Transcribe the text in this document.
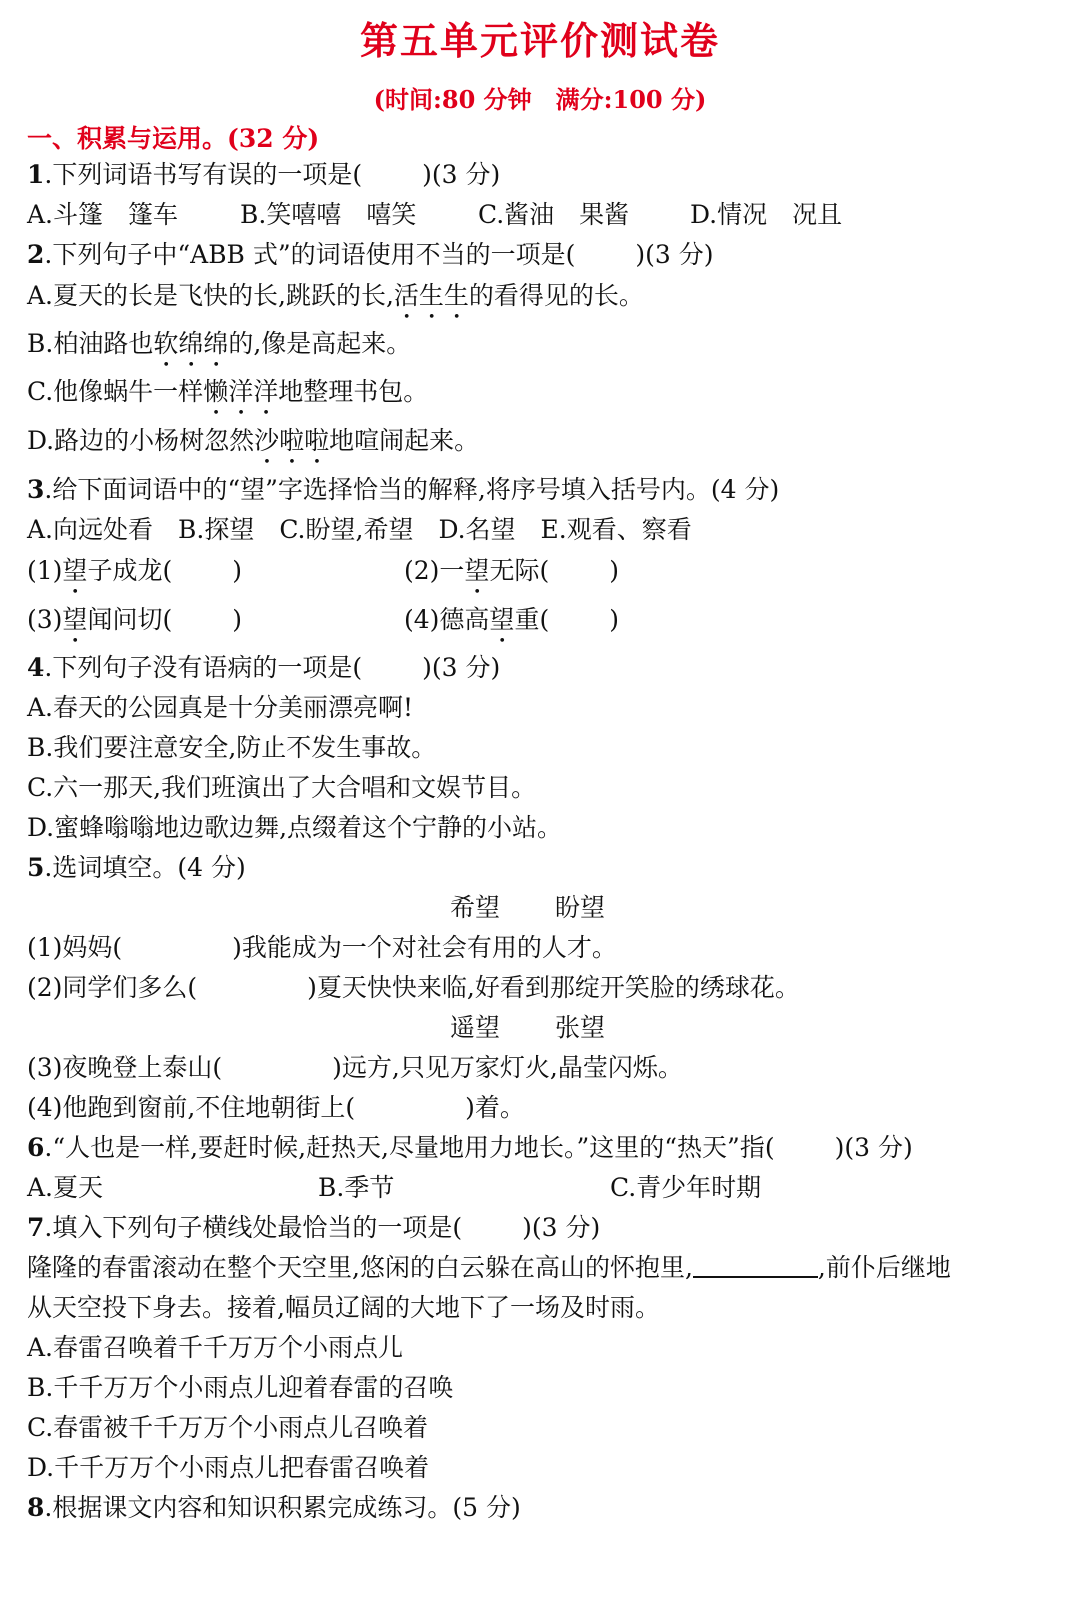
第五单元评价测试卷
(时间:80 分钟　满分:100 分)
一、积累与运用。(32 分)
1.下列词语书写有误的一项是( )(3 分)
A.斗篷　篷车 B.笑嘻嘻　嘻笑 C.酱油　果酱 D.情况　况且
2.下列句子中“ABB 式”的词语使用不当的一项是( )(3 分)
A.夏天的长是飞快的长,跳跃的长,活生生的看得见的长。
B.柏油路也软绵绵的,像是高起来。
C.他像蜗牛一样懒洋洋地整理书包。
D.路边的小杨树忽然沙啦啦地喧闹起来。
3.给下面词语中的“望”字选择恰当的解释,将序号填入括号内。(4 分)
A.向远处看　B.探望　C.盼望,希望　D.名望　E.观看、察看
(1)望子成龙( )	(2)一望无际( )
(3)望闻问切( )	(4)德高望重( )
4.下列句子没有语病的一项是( )(3 分)
A.春天的公园真是十分美丽漂亮啊!
B.我们要注意安全,防止不发生事故。
C.六一那天,我们班演出了大合唱和文娱节目。
D.蜜蜂嗡嗡地边歌边舞,点缀着这个宁静的小站。
5.选词填空。(4 分)
希望 盼望
(1)妈妈(	)我能成为一个对社会有用的人才。
(2)同学们多么(	)夏天快快来临,好看到那绽开笑脸的绣球花。
遥望 张望
(3)夜晚登上泰山(	)远方,只见万家灯火,晶莹闪烁。
(4)他跑到窗前,不住地朝街上(	)着。
6.“人也是一样,要赶时候,赶热天,尽量地用力地长。”这里的“热天”指( )(3 分)
A.夏天	B.季节	C.青少年时期
7.填入下列句子横线处最恰当的一项是( )(3 分)
隆隆的春雷滚动在整个天空里,悠闲的白云躲在高山的怀抱里,	,前仆后继地
从天空投下身去。接着,幅员辽阔的大地下了一场及时雨。
A.春雷召唤着千千万万个小雨点儿
B.千千万万个小雨点儿迎着春雷的召唤
C.春雷被千千万万个小雨点儿召唤着
D.千千万万个小雨点儿把春雷召唤着
8.根据课文内容和知识积累完成练习。(5 分)
